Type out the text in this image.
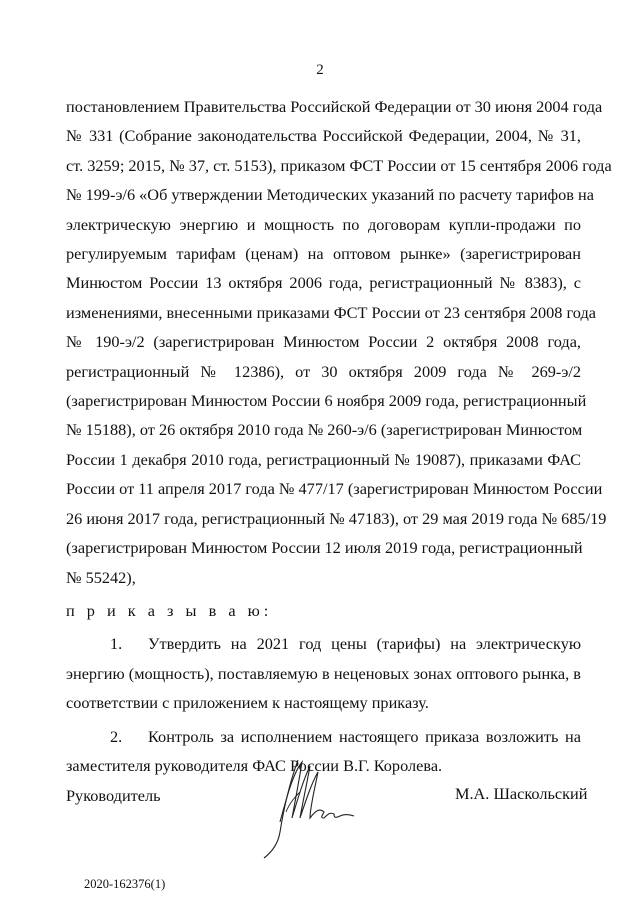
2
постановлением Правительства Российской Федерации от 30 июня 2004 года
№ 331 (Собрание законодательства Российской Федерации, 2004, № 31,
ст. 3259; 2015, № 37, ст. 5153), приказом ФСТ России от 15 сентября 2006 года
№ 199-э/6 «Об утверждении Методических указаний по расчету тарифов на
электрическую энергию и мощность по договорам купли-продажи по
регулируемым тарифам (ценам) на оптовом рынке» (зарегистрирован
Минюстом России 13 октября 2006 года, регистрационный № 8383), с
изменениями, внесенными приказами ФСТ России от 23 сентября 2008 года
№ 190-э/2 (зарегистрирован Минюстом России 2 октября 2008 года,
регистрационный № 12386), от 30 октября 2009 года № 269-э/2
(зарегистрирован Минюстом России 6 ноября 2009 года, регистрационный
№ 15188), от 26 октября 2010 года № 260-э/6 (зарегистрирован Минюстом
России 1 декабря 2010 года, регистрационный № 19087), приказами ФАС
России от 11 апреля 2017 года № 477/17 (зарегистрирован Минюстом России
26 июня 2017 года, регистрационный № 47183), от 29 мая 2019 года № 685/19
(зарегистрирован Минюстом России 12 июля 2019 года, регистрационный
№ 55242),

п р и к а з ы в а ю:

1. Утвердить на 2021 год цены (тарифы) на электрическую энергию (мощность), поставляемую в неценовых зонах оптового рынка, в соответствии с приложением к настоящему приказу.

2. Контроль за исполнением настоящего приказа возложить на заместителя руководителя ФАС России В.Г. Королева.

Руководитель	М.А. Шаскольский
2020-162376(1)
